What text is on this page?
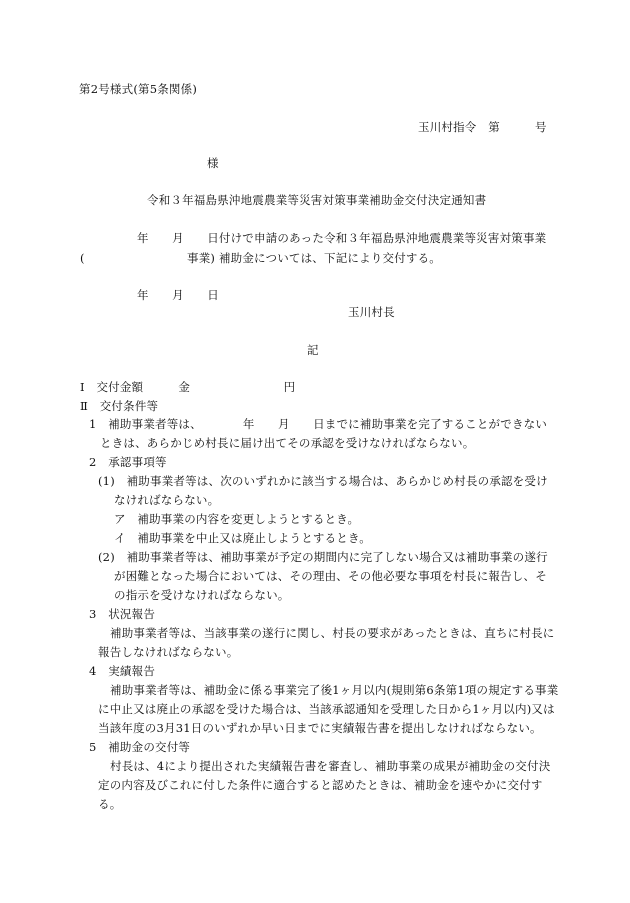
第2号様式(第5条関係)
玉川村指令　第　　　号
様
令和３年福島県沖地震農業等災害対策事業補助金交付決定通知書
年　　月　　日付けで申請のあった令和３年福島県沖地震農業等災害対策事業
(	事業) 補助金については、下記により交付する。
年　　月　　日
玉川村長
記
Ⅰ　交付金額　　　金　　　　　　　　円
Ⅱ　交付条件等
1　補助事業者等は、　　　　年　　月　　日までに補助事業を完了することができない
ときは、あらかじめ村長に届け出てその承認を受けなければならない。
2　承認事項等
(1)　補助事業者等は、次のいずれかに該当する場合は、あらかじめ村長の承認を受け
なければならない。
ア　補助事業の内容を変更しようとするとき。
イ　補助事業を中止又は廃止しようとするとき。
(2)　補助事業者等は、補助事業が予定の期間内に完了しない場合又は補助事業の遂行
が困難となった場合においては、その理由、その他必要な事項を村長に報告し、そ
の指示を受けなければならない。
3　状況報告
補助事業者等は、当該事業の遂行に関し、村長の要求があったときは、直ちに村長に
報告しなければならない。
4　実績報告
補助事業者等は、補助金に係る事業完了後1ヶ月以内(規則第6条第1項の規定する事業
に中止又は廃止の承認を受けた場合は、当該承認通知を受理した日から1ヶ月以内)又は
当該年度の3月31日のいずれか早い日までに実績報告書を提出しなければならない。
5　補助金の交付等
村長は、4により提出された実績報告書を審査し、補助事業の成果が補助金の交付決
定の内容及びこれに付した条件に適合すると認めたときは、補助金を速やかに交付す
る。
